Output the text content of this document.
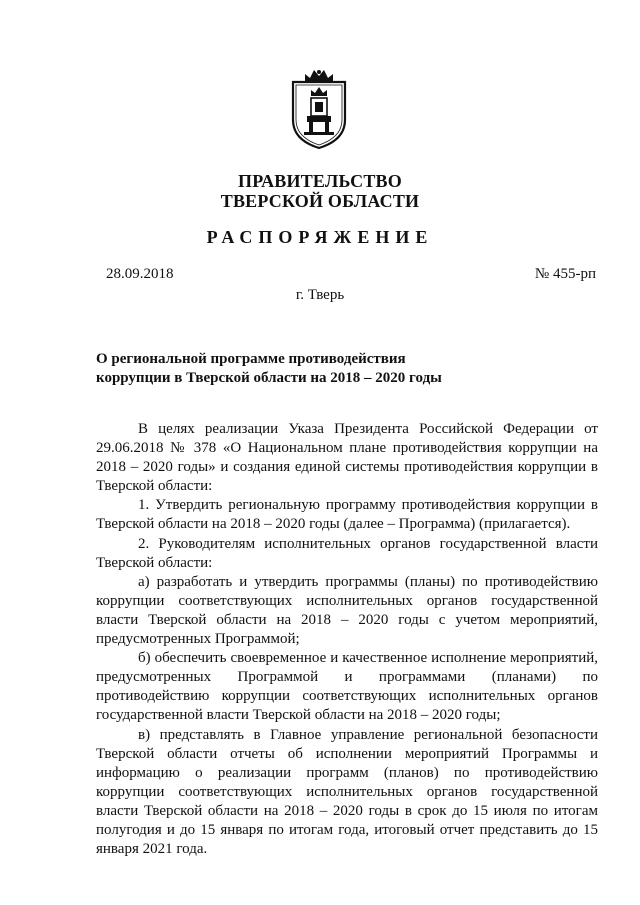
ПРАВИТЕЛЬСТВО
ТВЕРСКОЙ ОБЛАСТИ
РАСПОРЯЖЕНИЕ
28.09.2018	№ 455-рп
г. Тверь
О региональной программе противодействия
коррупции в Тверской области на 2018 – 2020 годы

В целях реализации Указа Президента Российской Федерации от 29.06.2018 № 378 «О Национальном плане противодействия коррупции на 2018 – 2020 годы» и создания единой системы противодействия коррупции в Тверской области:

1. Утвердить региональную программу противодействия коррупции в Тверской области на 2018 – 2020 годы (далее – Программа) (прилагается).

2. Руководителям исполнительных органов государственной власти Тверской области:

а) разработать и утвердить программы (планы) по противодействию коррупции соответствующих исполнительных органов государственной власти Тверской области на 2018 – 2020 годы с учетом мероприятий, предусмотренных Программой;

б) обеспечить своевременное и качественное исполнение мероприятий, предусмотренных Программой и программами (планами) по противодействию коррупции соответствующих исполнительных органов государственной власти Тверской области на 2018 – 2020 годы;

в) представлять в Главное управление региональной безопасности Тверской области отчеты об исполнении мероприятий Программы и информацию о реализации программ (планов) по противодействию коррупции соответствующих исполнительных органов государственной власти Тверской области на 2018 – 2020 годы в срок до 15 июля по итогам полугодия и до 15 января по итогам года, итоговый отчет представить до 15 января 2021 года.
